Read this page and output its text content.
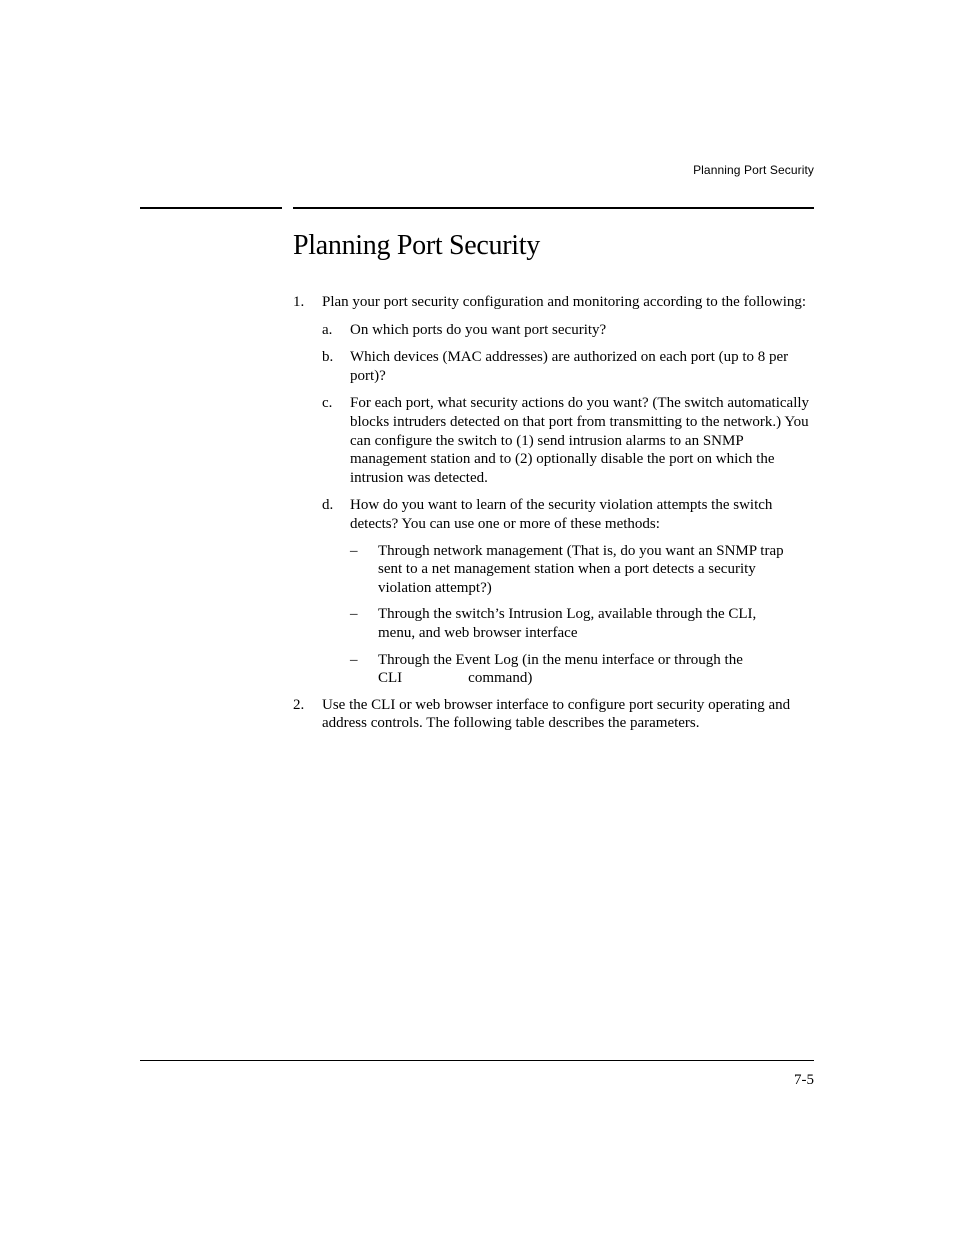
Planning Port Security
Planning Port Security
1. Plan your port security configuration and monitoring according to the following:
a. On which ports do you want port security?
b. Which devices (MAC addresses) are authorized on each port (up to 8 per port)?
c. For each port, what security actions do you want? (The switch automatically blocks intruders detected on that port from transmitting to the network.) You can configure the switch to (1) send intrusion alarms to an SNMP management station and to (2) optionally disable the port on which the intrusion was detected.
d. How do you want to learn of the security violation attempts the switch detects? You can use one or more of these methods:
– Through network management (That is, do you want an SNMP trap sent to a net management station when a port detects a security violation attempt?)
– Through the switch’s Intrusion Log, available through the CLI, menu, and web browser interface
– Through the Event Log (in the menu interface or through the
CLI	command)
2. Use the CLI or web browser interface to configure port security operating and address controls. The following table describes the parameters.
7-5
